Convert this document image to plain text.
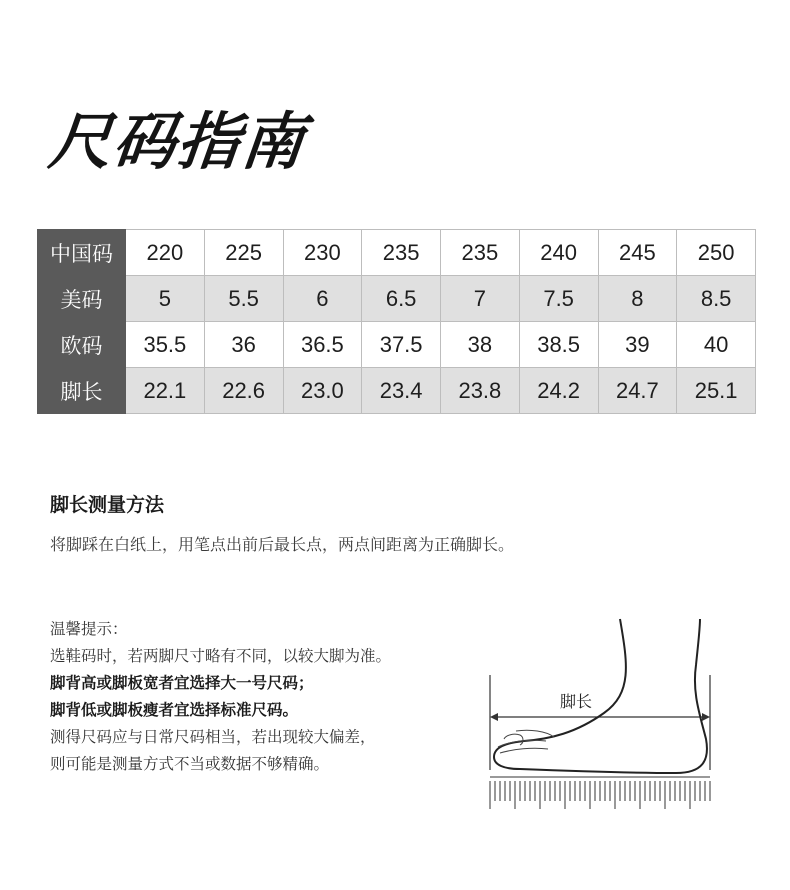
尺码指南
中国码	220	225	230	235	235	240	245	250
美码	5	5.5	6	6.5	7	7.5	8	8.5
欧码	35.5	36	36.5	37.5	38	38.5	39	40
脚长	22.1	22.6	23.0	23.4	23.8	24.2	24.7	25.1
脚长测量方法
将脚踩在白纸上，用笔点出前后最长点，两点间距离为正确脚长。
温馨提示：
选鞋码时，若两脚尺寸略有不同，以较大脚为准。
脚背高或脚板宽者宜选择大一号尺码；
脚背低或脚板瘦者宜选择标准尺码。
测得尺码应与日常尺码相当，若出现较大偏差，
则可能是测量方式不当或数据不够精确。
脚长
